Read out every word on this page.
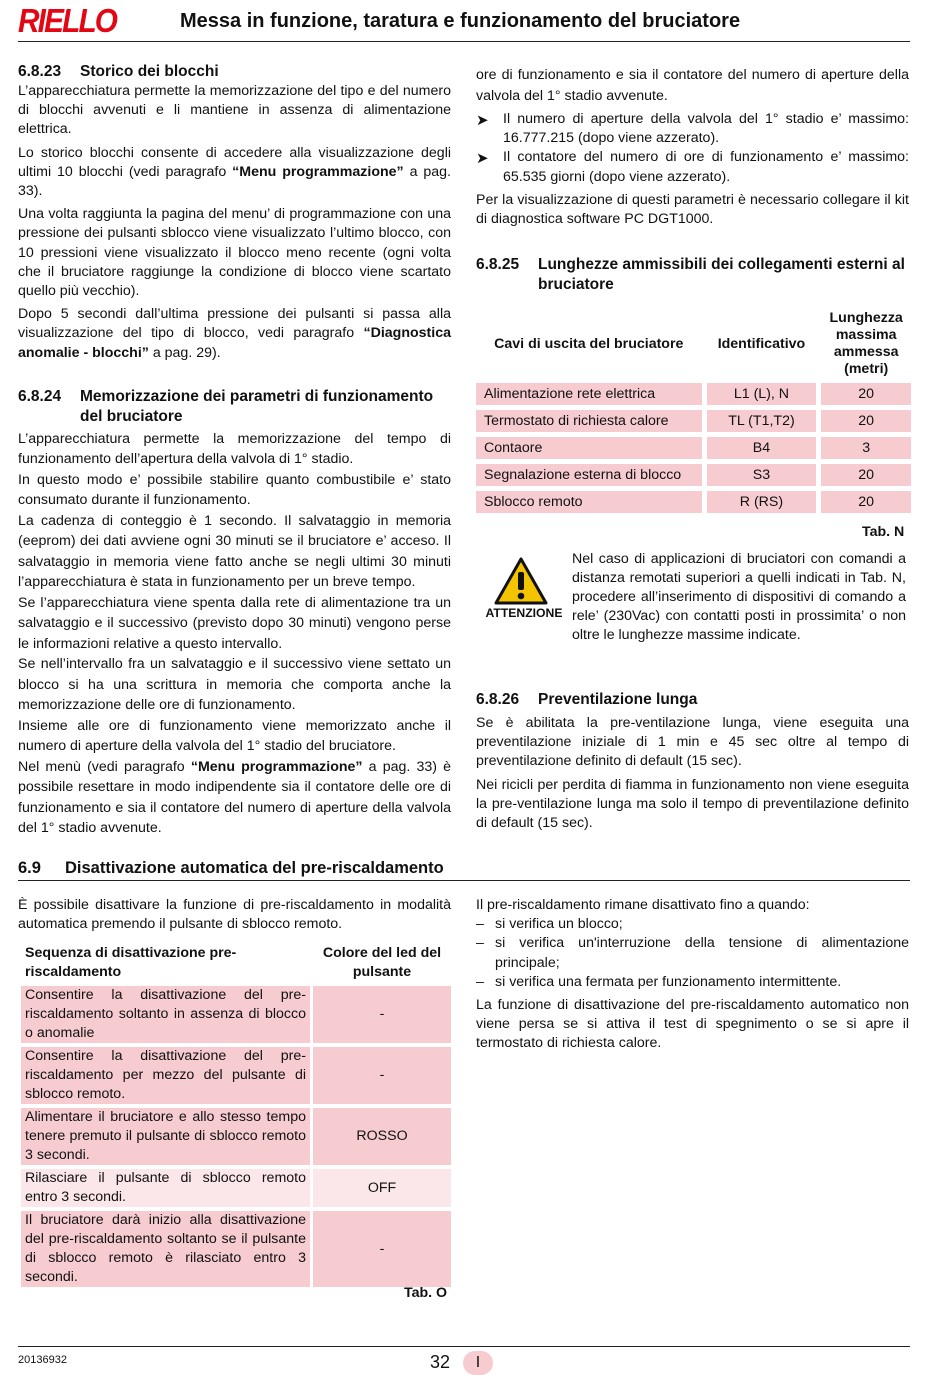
RIELLO	Messa in funzione, taratura e funzionamento del bruciatore
6.8.23	Storico dei blocchi

L’apparecchiatura permette la memorizzazione del tipo e del numero di blocchi avvenuti e li mantiene in assenza di alimentazione elettrica.

Lo storico blocchi consente di accedere alla visualizzazione degli ultimi 10 blocchi (vedi paragrafo “Menu programmazione” a pag. 33).

Una volta raggiunta la pagina del menu’ di programmazione con una pressione dei pulsanti sblocco viene visualizzato l’ultimo blocco, con 10 pressioni viene visualizzato il blocco meno recente (ogni volta che il bruciatore raggiunge la condizione di blocco viene scartato quello più vecchio).

Dopo 5 secondi dall’ultima pressione dei pulsanti si passa alla visualizzazione del tipo di blocco, vedi paragrafo “Diagnostica anomalie - blocchi” a pag. 29).

6.8.24	Memorizzazione dei parametri di funzionamento del bruciatore

L’apparecchiatura permette la memorizzazione del tempo di funzionamento dell’apertura della valvola di 1° stadio.

In questo modo e’ possibile stabilire quanto combustibile e’ stato consumato durante il funzionamento.

La cadenza di conteggio è 1 secondo. Il salvataggio in memoria (eeprom) dei dati avviene ogni 30 minuti se il bruciatore e’ acceso. Il salvataggio in memoria viene fatto anche se negli ultimi 30 minuti l’apparecchiatura è stata in funzionamento per un breve tempo.

Se l’apparecchiatura viene spenta dalla rete di alimentazione tra un salvataggio e il successivo (previsto dopo 30 minuti) vengono perse le informazioni relative a questo intervallo.

Se nell’intervallo fra un salvataggio e il successivo viene settato un blocco si ha una scrittura in memoria che comporta anche la memorizzazione delle ore di funzionamento.

Insieme alle ore di funzionamento viene memorizzato anche il numero di aperture della valvola del 1° stadio del bruciatore.

Nel menù (vedi paragrafo “Menu programmazione” a pag. 33) è possibile resettare in modo indipendente sia il contatore delle ore di funzionamento e sia il contatore del numero di aperture della valvola del 1° stadio avvenute.

ore di funzionamento e sia il contatore del numero di aperture della valvola del 1° stadio avvenute.

➤ Il numero di aperture della valvola del 1° stadio e’ massimo: 16.777.215 (dopo viene azzerato).
➤ Il contatore del numero di ore di funzionamento e’ massimo: 65.535 giorni (dopo viene azzerato).

Per la visualizzazione di questi parametri è necessario collegare il kit di diagnostica software PC DGT1000.

6.8.25	Lunghezze ammissibili dei collegamenti esterni al bruciatore
Cavi di uscita del bruciatore		Identificativo		Lunghezza massima ammessa (metri)
Alimentazione rete elettrica		L1 (L), N		20
Termostato di richiesta calore		TL (T1,T2)		20
Contaore		B4		3
Segnalazione esterna di blocco		S3		20
Sblocco remoto		R (RS)		20
Tab. N
ATTENZIONE

Nel caso di applicazioni di bruciatori con comandi a distanza remotati superiori a quelli indicati in Tab. N, procedere all’inserimento di dispositivi di comando a rele’ (230Vac) con contatti posti in prossimita’ o non oltre le lunghezze massime indicate.

6.8.26	Preventilazione lunga

Se è abilitata la pre-ventilazione lunga, viene eseguita una preventilazione iniziale di 1 min e 45 sec oltre al tempo di preventilazione definito di default (15 sec).

Nei ricicli per perdita di fiamma in funzionamento non viene eseguita la pre-ventilazione lunga ma solo il tempo di preventilazione definito di default (15 sec).

6.9	Disattivazione automatica del pre-riscaldamento

È possibile disattivare la funzione di pre-riscaldamento in modalità automatica premendo il pulsante di sblocco remoto.

Sequenza di disattivazione pre-riscaldamento	Colore del led del pulsante
Consentire la disattivazione del pre-riscaldamento soltanto in assenza di blocco o anomalie	-
Consentire la disattivazione del pre-riscaldamento per mezzo del pulsante di sblocco remoto.	-
Alimentare il bruciatore e allo stesso tempo tenere premuto il pulsante di sblocco remoto 3 secondi.	ROSSO
Rilasciare il pulsante di sblocco remoto entro 3 secondi.	OFF
Il bruciatore darà inizio alla disattivazione del pre-riscaldamento soltanto se il pulsante di sblocco remoto è rilasciato entro 3 secondi.	-
Tab. O

Il pre-riscaldamento rimane disattivato fino a quando:

– si verifica un blocco;
– si verifica un'interruzione della tensione di alimentazione principale;
– si verifica una fermata per funzionamento intermittente.

La funzione di disattivazione del pre-riscaldamento automatico non viene persa se si attiva il test di spegnimento o se si apre il termostato di richiesta calore.

20136932	32	I
